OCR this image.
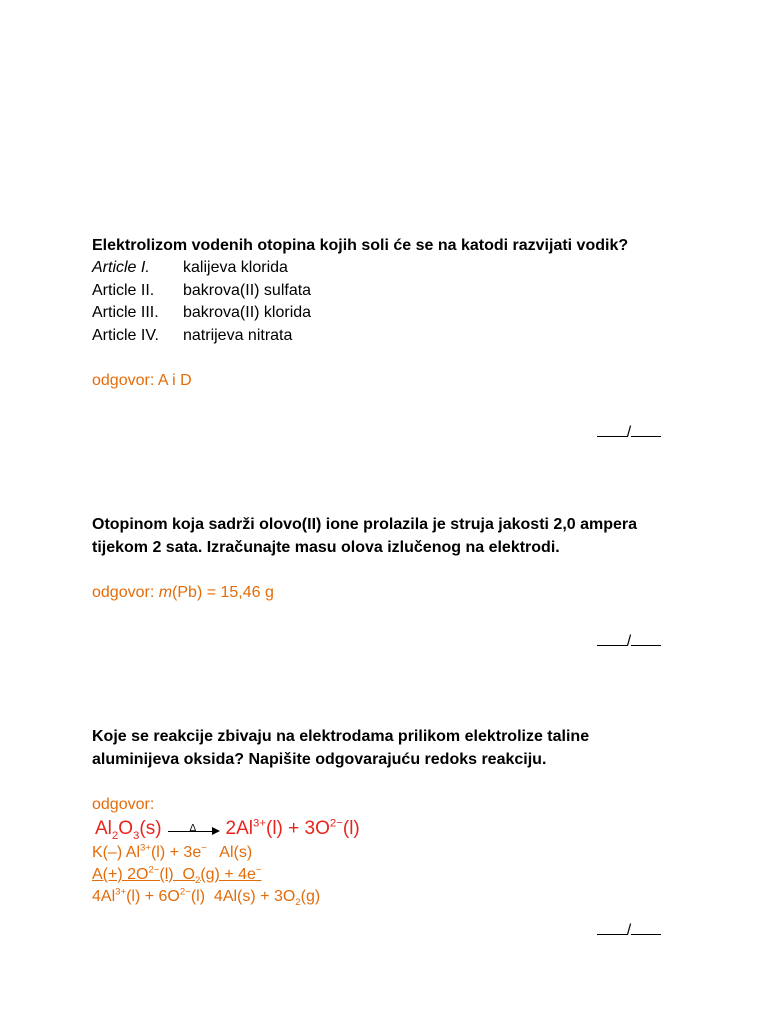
Elektrolizom vodenih otopina kojih soli će se na katodi razvijati vodik?

Article I.	kalijeva klorida
Article II.	bakrova(II) sulfata
Article III.	bakrova(II) klorida
Article IV.	natrijeva nitrata
odgovor: A i D
/

Otopinom koja sadrži olovo(II) ione prolazila je struja jakosti 2,0 ampera tijekom 2 sata. Izračunajte masu olova izlučenog na elektrodi.

odgovor: m(Pb) = 15,46 g
/

Koje se reakcije zbivaju na elektrodama prilikom elektrolize taline aluminijeva oksida? Napišite odgovarajuću redoks reakciju.

odgovor:
$Al_2O_3(s)$	Δ $2Al^{3+}(l) + 3O^{2-}(l)$
K(–) $Al^{3+}(l) + 3e^-$   Al(s)
A(+) $2O^{2-}(l) O_2(g) + 4e^-$
$4Al^{3+}(l) + 6O^{2-}(l) 4Al(s) + 3O_2(g)$
/
